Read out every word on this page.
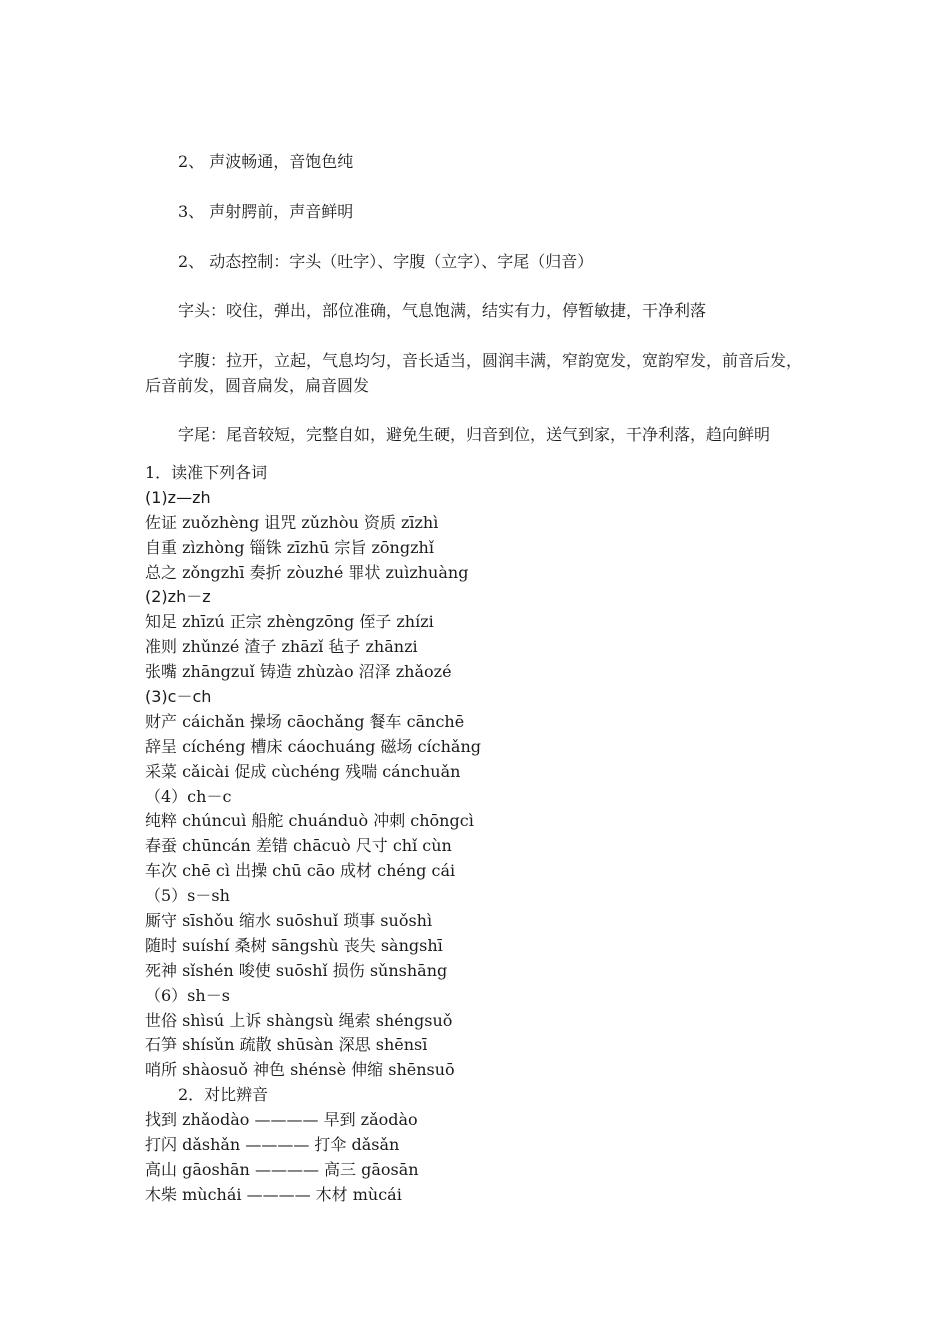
2、 声波畅通，音饱色纯

3、 声射腭前，声音鲜明

2、 动态控制：字头（吐字）、字腹（立字）、字尾（归音）

字头：咬住，弹出，部位准确，气息饱满，结实有力，停暂敏捷，干净利落

字腹：拉开，立起，气息均匀，音长适当，圆润丰满，窄韵宽发，宽韵窄发，前音后发，后音前发，圆音扁发，扁音圆发

字尾：尾音较短，完整自如，避免生硬，归音到位，送气到家，干净利落，趋向鲜明

1．读准下列各词
(1)z—zh
佐证 zuǒzhèng 诅咒 zǔzhòu 资质 zīzhì
自重 zìzhòng 锱铢 zīzhū 宗旨 zōngzhǐ
总之 zǒngzhī 奏折 zòuzhé 罪状 zuìzhuàng
(2)zh－z
知足 zhīzú 正宗 zhèngzōng 侄子 zhízi
准则 zhǔnzé 渣子 zhāzǐ 毡子 zhānzi
张嘴 zhāngzuǐ 铸造 zhùzào 沼泽 zhǎozé
(3)c－ch
财产 cáichǎn 操场 cāochǎng 餐车 cānchē
辞呈 cíchéng 槽床 cáochuáng 磁场 cíchǎng
采菜 cǎicài 促成 cùchéng 残喘 cánchuǎn
（4）ch－c
纯粹 chúncuì 船舵 chuánduò 冲刺 chōngcì
春蚕 chūncán 差错 chācuò 尺寸 chǐ cùn
车次 chē cì 出操 chū cāo 成材 chéng cái
（5）s－sh
厮守 sīshǒu 缩水 suōshuǐ 琐事 suǒshì
随时 suíshí 桑树 sāngshù 丧失 sàngshī
死神 sǐshén 唆使 suōshǐ 损伤 sǔnshāng
（6）sh－s
世俗 shìsú 上诉 shàngsù 绳索 shéngsuǒ
石笋 shísǔn 疏散 shūsàn 深思 shēnsī
哨所 shàosuǒ 神色 shénsè 伸缩 shēnsuō
2．对比辨音
找到 zhǎodào ———— 早到 zǎodào
打闪 dǎshǎn ———— 打伞 dǎsǎn
高山 gāoshān ———— 高三 gāosān
木柴 mùchái ———— 木材 mùcái
